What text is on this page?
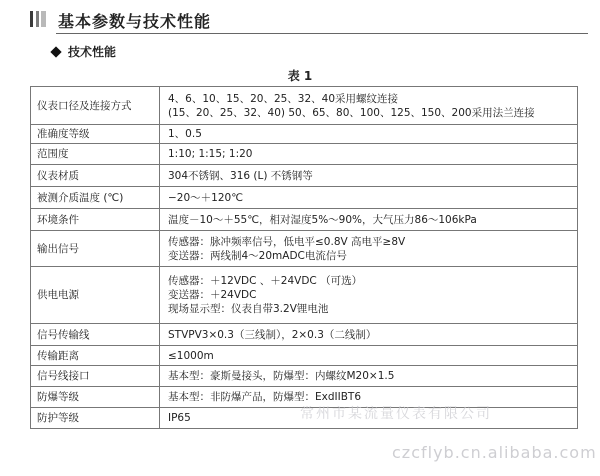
基本参数与技术性能
技术性能
表 1
仪表口径及连接方式	4、6、10、15、20、25、32、40采用螺纹连接
(15、20、25、32、40) 50、65、80、100、125、150、200采用法兰连接

准确度等级	1、0.5

范围度	1:10; 1:15; 1:20

仪表材质	304不锈钢、316 (L) 不锈钢等

被测介质温度 (℃)	−20～＋120℃

环境条件	温度－10～＋55℃，相对湿度5%～90%，大气压力86～106kPa

输出信号	传感器：脉冲频率信号，低电平≤0.8V 高电平≥8V
变送器：两线制4～20mADC电流信号

供电电源	传感器：＋12VDC 、＋24VDC （可选）
变送器：＋24VDC
现场显示型：仪表自带3.2V锂电池

信号传输线	STVPV3×0.3（三线制），2×0.3（二线制）

传输距离	≤1000m

信号线接口	基本型：豪斯曼接头，防爆型：内螺纹M20×1.5

防爆等级	基本型：非防爆产品，防爆型：ExdIIBT6

防护等级	IP65	常州市某流量仪表有限公司
czcflyb.cn.alibaba.com
